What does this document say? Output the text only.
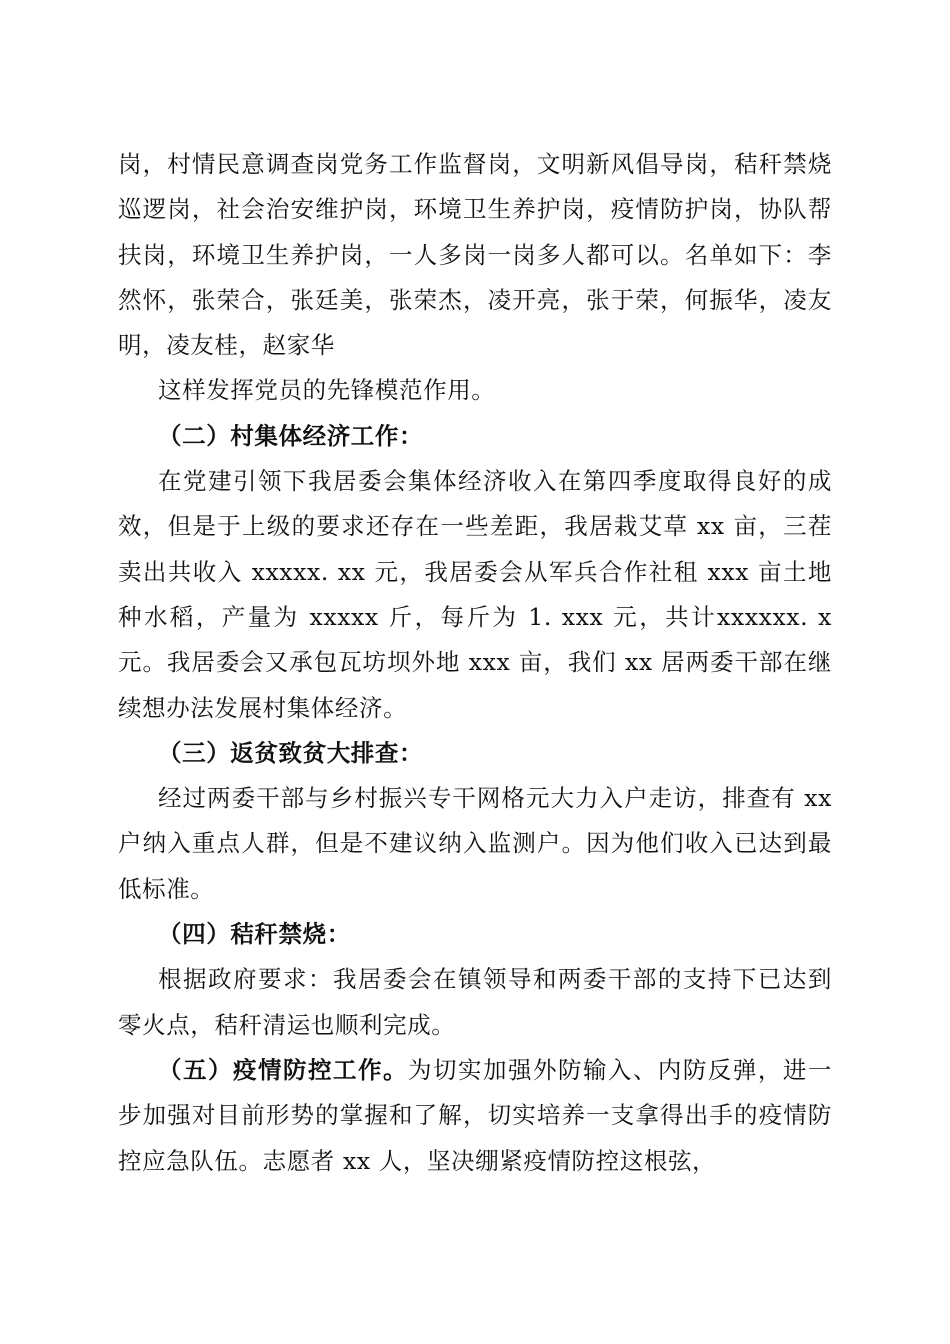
岗，村情民意调查岗党务工作监督岗，文明新风倡导岗，秸秆禁烧巡逻岗，社会治安维护岗，环境卫生养护岗，疫情防护岗，协队帮扶岗，环境卫生养护岗，一人多岗一岗多人都可以。名单如下：李然怀，张荣合，张廷美，张荣杰，凌开亮，张于荣，何振华，凌友明，凌友桂，赵家华

这样发挥党员的先锋模范作用。

（二）村集体经济工作：

在党建引领下我居委会集体经济收入在第四季度取得良好的成效，但是于上级的要求还存在一些差距，我居栽艾草 xx 亩，三茬卖出共收入 xxxxx. xx 元，我居委会从军兵合作社租 xxx 亩土地种水稻，产量为 xxxxx 斤，每斤为 1. xxx 元，共计xxxxxx. x 元。我居委会又承包瓦坊坝外地 xxx 亩，我们 xx 居两委干部在继续想办法发展村集体经济。

（三）返贫致贫大排查：

经过两委干部与乡村振兴专干网格元大力入户走访，排查有 xx 户纳入重点人群，但是不建议纳入监测户。因为他们收入已达到最低标准。

（四）秸秆禁烧：

根据政府要求：我居委会在镇领导和两委干部的支持下已达到零火点，秸秆清运也顺利完成。

（五）疫情防控工作。为切实加强外防输入、内防反弹，进一步加强对目前形势的掌握和了解，切实培养一支拿得出手的疫情防控应急队伍。志愿者 xx 人，坚决绷紧疫情防控这根弦，
